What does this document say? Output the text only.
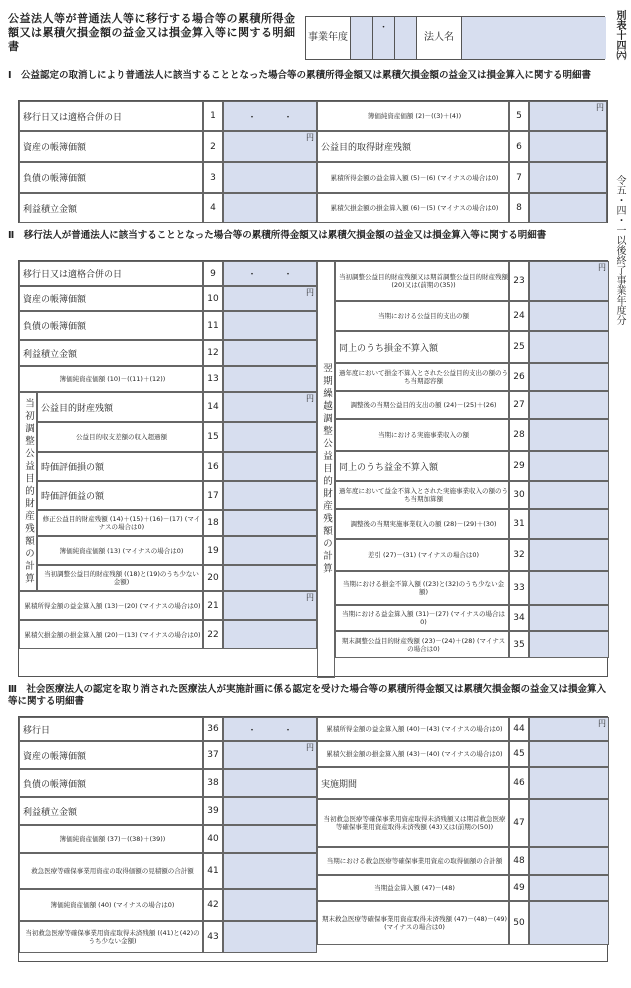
公益法人等が普通法人等に移行する場合等の累積所得金額又は累積欠損金額の益金又は損金算入等に関する明細書
事業年度
・
法人名	別表十四㈥
令五・四・一以後終了事業年度分
Ⅰ　公益認定の取消しにより普通法人に該当することとなった場合等の累積所得金額又は累積欠損金額の益金又は損金算入に関する明細書
移行日又は適格合併の日	1	・　　　・
資産の帳簿価額	2
円
負債の帳簿価額	3
利益積立金額	4
簿価純資産価額 (2)－((3)＋(4))	5
円
公益目的取得財産残額	6
累積所得金額の益金算入額 (5)－(6) (マイナスの場合は0)	7
累積欠損金額の損金算入額 (6)－(5) (マイナスの場合は0)	8
Ⅱ　移行法人が普通法人に該当することとなった場合等の累積所得金額又は累積欠損金額の益金又は損金算入等に関する明細書
移行日又は適格合併の日	9	・　　　・
資産の帳簿価額	10
円
負債の帳簿価額	11
利益積立金額	12
簿価純資産価額 (10)－((11)＋(12))	13
当初調整公益目的財産残額の計算 公益目的財産残額	14
円
公益目的収支差額の収入超過額	15
時価評価損の額	16
時価評価益の額	17
修正公益目的財産残額 (14)＋(15)＋(16)－(17) (マイナスの場合は0)	18
簿価純資産価額 (13) (マイナスの場合は0)	19
当初調整公益目的財産残額 ((18)と(19)のうち少ない金額)	20
累積所得金額の益金算入額 (13)－(20) (マイナスの場合は0) 21
円
累積欠損金額の損金算入額 (20)－(13) (マイナスの場合は0) 22
翌期繰越調整公益目的財産残額の計算
当初調整公益目的財産残額又は期首調整公益目的財産残額 (20)又は(前期の(35))	23
円
当期における公益目的支出の額	24
同上のうち損金不算入額	25
過年度において損金不算入とされた公益目的支出の額のうち当期認容額	26
調整後の当期公益目的支出の額 (24)－(25)＋(26)	27
当期における実施事業収入の額	28
同上のうち益金不算入額	29
過年度において益金不算入とされた実施事業収入の額のうち当期加算額	30
調整後の当期実施事業収入の額 (28)－(29)＋(30)	31
差引 (27)－(31) (マイナスの場合は0)	32
当期における損金不算入額 ((23)と(32)のうち少ない金額)	33
当期における益金算入額 (31)－(27) (マイナスの場合は0)	34
期末調整公益目的財産残額 (23)－(24)＋(28) (マイナスの場合は0)	35
Ⅲ　社会医療法人の認定を取り消された医療法人が実施計画に係る認定を受けた場合等の累積所得金額又は累積欠損金額の益金又は損金算入等に関する明細書
移行日	36	・　　　・
資産の帳簿価額	37
円
負債の帳簿価額	38
利益積立金額	39
簿価純資産価額 (37)－((38)＋(39))	40
救急医療等確保事業用資産の取得価額の見積額の合計額	41
簿価純資産価額 (40) (マイナスの場合は0)	42
当初救急医療等確保事業用資産取得未済残額 ((41)と(42)のうち少ない金額)	43
累積所得金額の益金算入額 (40)－(43) (マイナスの場合は0)	44
円
累積欠損金額の損金算入額 (43)－(40) (マイナスの場合は0)	45
実施期間	46
当初救急医療等確保事業用資産取得未済残額又は期首救急医療等確保事業用資産取得未済残額 (43)又は(前期の(50))	47
当期における救急医療等確保事業用資産の取得価額の合計額	48
当期益金算入額 (47)－(48)	49
期末救急医療等確保事業用資産取得未済残額 (47)－(48)－(49) (マイナスの場合は0)	50
